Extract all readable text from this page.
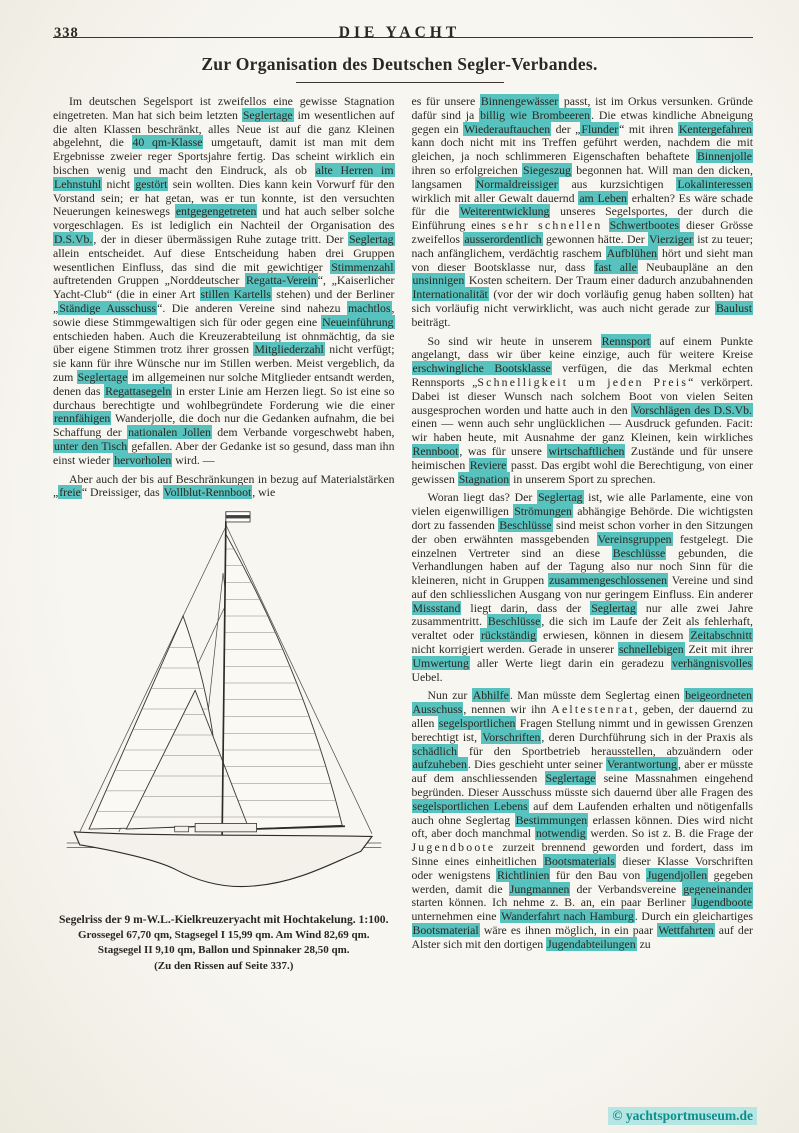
338	DIE YACHT
Zur Organisation des Deutschen Segler-Verbandes.

Im deutschen Segelsport ist zweifellos eine gewisse Stagnation eingetreten. Man hat sich beim letzten Seglertage im wesentlichen auf die alten Klassen beschränkt, alles Neue ist auf die ganz Kleinen abgelehnt, die 40 qm-Klasse umgetauft, damit ist man mit dem Ergebnisse zweier reger Sportsjahre fertig. Das scheint wirklich ein bischen wenig und macht den Eindruck, als ob alte Herren im Lehnstuhl nicht gestört sein wollten. Dies kann kein Vorwurf für den Vorstand sein; er hat getan, was er tun konnte, ist den versuchten Neuerungen keineswegs entgegengetreten und hat auch selber solche vorgeschlagen. Es ist lediglich ein Nachteil der Organisation des D.S.Vb., der in dieser übermässigen Ruhe zutage tritt. Der Seglertag allein entscheidet. Auf diese Entscheidung haben drei Gruppen wesentlichen Einfluss, das sind die mit gewichtiger Stimmenzahl auftretenden Gruppen „Norddeutscher Regatta-Verein“, „Kaiserlicher Yacht-Club“ (die in einer Art stillen Kartells stehen) und der Berliner „Ständige Ausschuss“. Die anderen Vereine sind nahezu machtlos, sowie diese Stimmgewaltigen sich für oder gegen eine Neueinführung entschieden haben. Auch die Kreuzerabteilung ist ohnmächtig, da sie über eigene Stimmen trotz ihrer grossen Mitgliederzahl nicht verfügt; sie kann für ihre Wünsche nur im Stillen werben. Meist vergeblich, da zum Seglertage im allgemeinen nur solche Mitglieder entsandt werden, denen das Regattasegeln in erster Linie am Herzen liegt. So ist eine so durchaus berechtigte und wohlbegründete Forderung wie die einer rennfähigen Wanderjolle, die doch nur die Gedanken aufnahm, die bei Schaffung der nationalen Jollen dem Verbande vorgeschwebt haben, unter den Tisch gefallen. Aber der Gedanke ist so gesund, dass man ihn einst wieder hervorholen wird. —

Aber auch der bis auf Beschränkungen in bezug auf Materialstärken „freie“ Dreissiger, das Vollblut-Rennboot, wie

Segelriss der 9 m-W.L.-Kielkreuzeryacht mit Hochtakelung. 1:100.
Grossegel 67,70 qm, Stagsegel I 15,99 qm. Am Wind 82,69 qm.
Stagsegel II 9,10 qm, Ballon und Spinnaker 28,50 qm.
(Zu den Rissen auf Seite 337.)

es für unsere Binnengewässer passt, ist im Orkus versunken. Gründe dafür sind ja billig wie Brombeeren. Die etwas kindliche Abneigung gegen ein Wiederauftauchen der „Flunder“ mit ihren Kentergefahren kann doch nicht mit ins Treffen geführt werden, nachdem die mit gleichen, ja noch schlimmeren Eigenschaften behaftete Binnenjolle ihren so erfolgreichen Siegeszug begonnen hat. Will man den dicken, langsamen Normaldreissiger aus kurzsichtigen Lokalinteressen wirklich mit aller Gewalt dauernd am Leben erhalten? Es wäre schade für die Weiterentwicklung unseres Segelsportes, der durch die Einführung eines sehr schnellen Schwertbootes dieser Grösse zweifellos ausserordentlich gewonnen hätte. Der Vierziger ist zu teuer; nach anfänglichem, verdächtig raschem Aufblühen hört und sieht man von dieser Bootsklasse nur, dass fast alle Neubaupläne an den unsinnigen Kosten scheitern. Der Traum einer dadurch anzubahnenden Internationalität (vor der wir doch vorläufig genug haben sollten) hat sich vorläufig nicht verwirklicht, was auch nicht gerade zur Baulust beiträgt.

So sind wir heute in unserem Rennsport auf einem Punkte angelangt, dass wir über keine einzige, auch für weitere Kreise erschwingliche Bootsklasse verfügen, die das Merkmal echten Rennsports „Schnelligkeit um jeden Preis“ verkörpert. Dabei ist dieser Wunsch nach solchem Boot von vielen Seiten ausgesprochen worden und hatte auch in den Vorschlägen des D.S.Vb. einen — wenn auch sehr unglücklichen — Ausdruck gefunden. Facit: wir haben heute, mit Ausnahme der ganz Kleinen, kein wirkliches Rennboot, was für unsere wirtschaftlichen Zustände und für unsere heimischen Reviere passt. Das ergibt wohl die Berechtigung, von einer gewissen Stagnation in unserem Sport zu sprechen.

Woran liegt das? Der Seglertag ist, wie alle Parlamente, eine von vielen eigenwilligen Strömungen abhängige Behörde. Die wichtigsten dort zu fassenden Beschlüsse sind meist schon vorher in den Sitzungen der oben erwähnten massgebenden Vereinsgruppen festgelegt. Die einzelnen Vertreter sind an diese Beschlüsse gebunden, die Verhandlungen haben auf der Tagung also nur noch Sinn für die kleineren, nicht in Gruppen zusammengeschlossenen Vereine und sind auf den schliesslichen Ausgang von nur geringem Einfluss. Ein anderer Missstand liegt darin, dass der Seglertag nur alle zwei Jahre zusammentritt. Beschlüsse, die sich im Laufe der Zeit als fehlerhaft, veraltet oder rückständig erwiesen, können in diesem Zeitabschnitt nicht korrigiert werden. Gerade in unserer schnellebigen Zeit mit ihrer Umwertung aller Werte liegt darin ein geradezu verhängnisvolles Uebel.

Nun zur Abhilfe. Man müsste dem Seglertag einen beigeordneten Ausschuss, nennen wir ihn Aeltestenrat, geben, der dauernd zu allen segelsportlichen Fragen Stellung nimmt und in gewissen Grenzen berechtigt ist, Vorschriften, deren Durchführung sich in der Praxis als schädlich für den Sportbetrieb herausstellen, abzuändern oder aufzuheben. Dies geschieht unter seiner Verantwortung, aber er müsste auf dem anschliessenden Seglertage seine Massnahmen eingehend begründen. Dieser Ausschuss müsste sich dauernd über alle Fragen des segelsportlichen Lebens auf dem Laufenden erhalten und nötigenfalls auch ohne Seglertag Bestimmungen erlassen können. Dies wird nicht oft, aber doch manchmal notwendig werden. So ist z. B. die Frage der Jugendboote zurzeit brennend geworden und fordert, dass im Sinne eines einheitlichen Bootsmaterials dieser Klasse Vorschriften oder wenigstens Richtlinien für den Bau von Jugendjollen gegeben werden, damit die Jungmannen der Verbandsvereine gegeneinander starten können. Ich nehme z. B. an, ein paar Berliner Jugendboote unternehmen eine Wanderfahrt nach Hamburg. Durch ein gleichartiges Bootsmaterial wäre es ihnen möglich, in ein paar Wettfahrten auf der Alster sich mit den dortigen Jugendabteilungen zu

© yachtsportmuseum.de
